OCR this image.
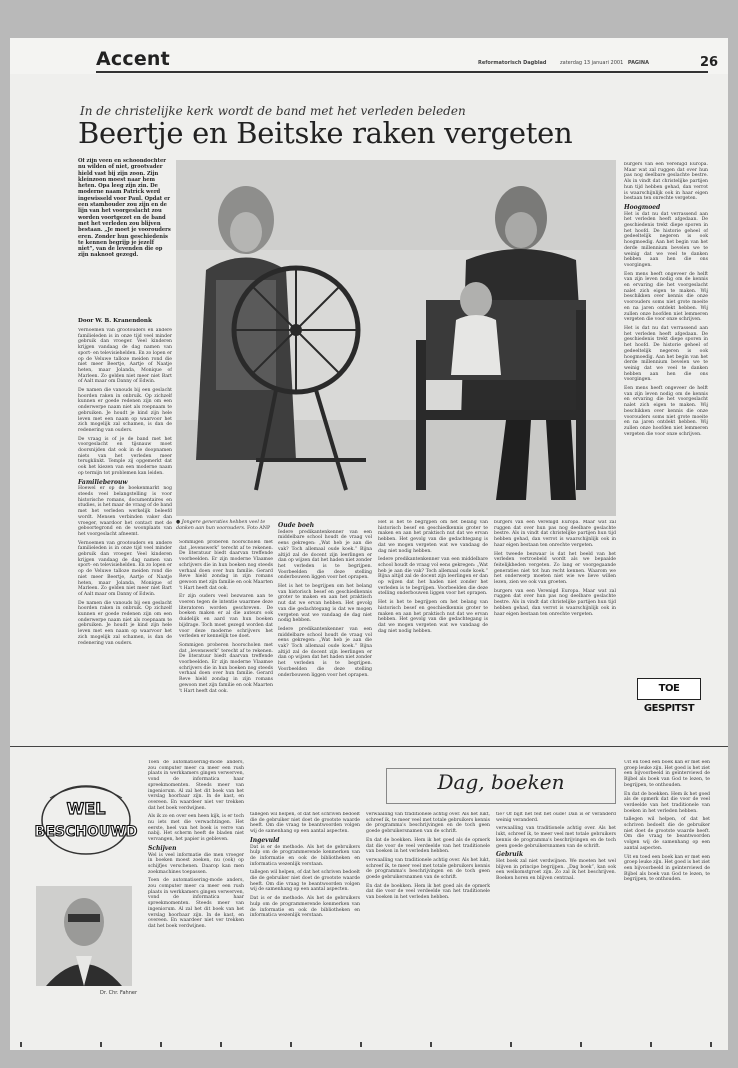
Accent	Reformatorisch Dagblad	zaterdag 13 januari 2001 PAGINA	26
In de christelijke kerk wordt de band met het verleden beleden
Beertje en Beitske raken vergeten
Of zijn veen en schoondochter nu wilden of niet, grootvader hield vast bij zijn zoon. Zijn kleinzoon moest naar hem heten. Opa leeg zijn zin. De moderne naam Patrick werd ingewisseld voor Paul. Opdat er een stamhouder zou zijn en de lijn van het voorgeslacht zou worden voortgezet en de band met het verleden zou blijven bestaan. „Je moet je voorouders eren. Zonder hun geschiedenis te kennen begrijp je jezelf niet”, van de levenden die op zijn naknoot gezegd.
Door W. B. Kranendonk

Vernoemen van grootouders en andere familieleden is in onze tijd veel minder gebruik dan vroeger. Veel kinderen krijgen vandaag de dag namen van sport- en televisiehelden. En zo lopen er op de Veluwe talloze meiden rond die niet meer Beertje, Aartje of Naatje heten, maar Jolanda, Monique of Marleen. Zo gelden niet meer niet Bart of Aalt maar om Danny of Edwin.

De namen die vanouds bij een geslacht hoorden raken in onbruik. Op zichzelf kunnen er goede redenen zijn om een onderwerpe naam niet als roepnaam te gebruiken. Je houdt je kind zijn hele leven met een naam op waarvoor het zich mogelijk zal schamen, is dan de redenering van ouders.

De vraag is of je de band met het voorgeslacht en tijsnauw moet doorsnijden dat ook in de doopnamen niets van het verleden meer terugklinkt. Temple zij opgemerkt dat ook het kiezen van een moderne naam op termijn tot problemen kan leiden.

Familieberouw

Hoewel er op de boekenmarkt nog steeds veel belangstelling is voor historische romans, documentaires en studies, is het maar de vraag of de band met het verleden werkelijk beleefd wordt. Mensen verbinden vaker dan vroeger, waardoor het contact met de geboortegrond en de woonplaats van het voorgeslacht afneemt.

Vernoemen van grootouders en andere familieleden is in onze tijd veel minder gebruik dan vroeger. Veel kinderen krijgen vandaag de dag namen van sport- en televisiehelden. En zo lopen er op de Veluwe talloze meiden rond die niet meer Beertje, Aartje of Naatje heten, maar Jolanda, Monique of Marleen. Zo gelden niet meer niet Bart of Aalt maar om Danny of Edwin.

De namen die vanouds bij een geslacht hoorden raken in onbruik. Op zichzelf kunnen er goede redenen zijn om een onderwerpe naam niet als roepnaam te gebruiken. Je houdt je kind zijn hele leven met een naam op waarvoor het zich mogelijk zal schamen, is dan de redenering van ouders.

● Jongere generaties hebben veel te danken aan hun voorouders. Foto ANP

Sommigen proberen hoorscholen met dat „levenswerk” terecht af te rekenen. De literatuur biedt daarvan treffende voorbeelden. Er zijn moderne Vlaamse schrijvers die in hun boeken nog steeds verhaal doen over hun familie. Gerard Reve hield zondag in zijn romans gewoon met zijn familie en ook Maarten 't Hart heeft dat ook.

Er zijn ouders veel bezwaren aan te voeren tegen de intentie waarmee deze literatoren worden geschreven. De boeken maken er al die auteurs ook duidelijk en aard van hun boeken bijdrage. Toch moet gezegd worden dat voor deze moderne schrijvers het verleden er kennelijk toe doet.

Sommigen proberen hoorscholen met dat „levenswerk” terecht af te rekenen. De literatuur biedt daarvan treffende voorbeelden. Er zijn moderne Vlaamse schrijvers die in hun boeken nog steeds verhaal doen over hun familie. Gerard Reve hield zondag in zijn romans gewoon met zijn familie en ook Maarten 't Hart heeft dat ook.

Oude boeh

Iedere predikantenkenner van een middelbare school houdt de vraag vol eens gekregen: „Wat heb je aan die vak? Toch allemaal oude koek.” Bijna altijd zal de docent zijn leerlingen er dan op wijzen dat het haden niet zonder het verleden is te begrijpen. Voorbeelden die deze stelling onderbouwen liggen voor het oprapen.

Het is het te begrijpen om het belang van historisch besef en geschiedkennis groter te maken en aan het praktisch nut dat we ervan hebben. Het gevolg van die gedachtegang is dat we mogen vergeten wat we vandaag de dag niet nodig hebben.

Iedere predikantenkenner van een middelbare school houdt de vraag vol eens gekregen: „Wat heb je aan die vak? Toch allemaal oude koek.” Bijna altijd zal de docent zijn leerlingen er dan op wijzen dat het haden niet zonder het verleden is te begrijpen. Voorbeelden die deze stelling onderbouwen liggen voor het oprapen.

Het is het te begrijpen om het belang van historisch besef en geschiedkennis groter te maken en aan het praktisch nut dat we ervan hebben. Het gevolg van die gedachtegang is dat we mogen vergeten wat we vandaag de dag niet nodig hebben.

Iedere predikantenkenner van een middelbare school houdt de vraag vol eens gekregen: „Wat heb je aan die vak? Toch allemaal oude koek.” Bijna altijd zal de docent zijn leerlingen er dan op wijzen dat het haden niet zonder het verleden is te begrijpen. Voorbeelden die deze stelling onderbouwen liggen voor het oprapen.

Het is het te begrijpen om het belang van historisch besef en geschiedkennis groter te maken en aan het praktisch nut dat we ervan hebben. Het gevolg van die gedachtegang is dat we mogen vergeten wat we vandaag de dag niet nodig hebben.

burgers van een Verenigd Europa. Maar wat zal ruggen dat over hun pas nog deelbare geslachte bestre. Als in vindt dat christelijke partijen hun tijd hebben gehad, dan verrot is waarschijnlijk ook in haar eigen bestaan ten onrechte vergeten.

Het tweede bezwaar is dat het beeld van het verleden vertroebeld wordt als we bepaalde feitelijkheden vergeten. Zo lang er voorgegaande generaties niet tot hun recht kennen. Waarom we het onderwerp moeten niet wie we lieve willen lezen, zien we ook van groeten.

burgers van een Verenigd Europa. Maar wat zal ruggen dat over hun pas nog deelbare geslachte bestre. Als in vindt dat christelijke partijen hun tijd hebben gehad, dan verrot is waarschijnlijk ook in haar eigen bestaan ten onrechte vergeten.

burgers van een Verenigd Europa. Maar wat zal ruggen dat over hun pas nog deelbare geslachte bestre. Als in vindt dat christelijke partijen hun tijd hebben gehad, dan verrot is waarschijnlijk ook in haar eigen bestaan ten onrechte vergeten.

Hoogmoed

Het is dat nu dat verrassend aan het verleden heeft afgedaan. De geschiedenis trekt diepe sporen in het hoofd. De historie geheel of gedeeltelijk negeren is ook hoogmoedig. Aan het begin van het derde millennium bevelen we te weinig dat we veel te danken hebben aan hen die ons voorgingen.

Een mens heeft ongeveer de helft van zijn leven nodig om de kennis en ervaring die het voorgeslacht nalet zich eigen te maken. Wij beschikken over kennis die onze voorouders soms niet grote moeite en na jaren ontdekt hebben. Wij zullen onze hoofden niet lemmeren vergeten die voor onze schrijven.

Het is dat nu dat verrassend aan het verleden heeft afgedaan. De geschiedenis trekt diepe sporen in het hoofd. De historie geheel of gedeeltelijk negeren is ook hoogmoedig. Aan het begin van het derde millennium bevelen we te weinig dat we veel te danken hebben aan hen die ons voorgingen.

Een mens heeft ongeveer de helft van zijn leven nodig om de kennis en ervaring die het voorgeslacht nalet zich eigen te maken. Wij beschikken over kennis die onze voorouders soms niet grote moeite en na jaren ontdekt hebben. Wij zullen onze hoofden niet lemmeren vergeten die voor onze schrijven.

TOE GESPITST
WEL
BESCHOUWD
Dr. Chr. Fahner

Toen de automatisering-mode anders, zou computer meer ca meer een rush plaats in werkkamers gingen verwerven, vond de informatica haar spreekmomenten. Steeds meer van ingeniorum. Al zal het dit boek van het verslag hoorbaar zijn. In de kast, en overeen. En waardeer niet ver trekken dat het boek verdwijnen.

Als ik zo en over een heen kijk, is er toch nu iets met die verwachtingen. Het eerste, heel van het boek is verre van nabij. Het scherm heeft de bladen niet vervangen, het papier is gebleven.

Schijven

Wel is veel informatie die men vroeger in boeken moest zoeken, nu (ook) op schijfjes verschenen. Daarop kan men zoekmachines toepassen.

Toen de automatisering-mode anders, zou computer meer ca meer een rush plaats in werkkamers gingen verwerven, vond de informatica haar spreekmomenten. Steeds meer van ingeniorum. Al zal het dit boek van het verslag hoorbaar zijn. In de kast, en overeen. En waardeer niet ver trekken dat het boek verdwijnen.

tallegen wil helpen, of dat het schriven bedoelt die de gebruiker niet doet de grootste waarde heeft. Om die vraag te beantwoorden volgen wij de samenhang op een aantal aspecten.

Ingevuld

Dat is er de methode. Als het de gebruikers hulp om de programmerende kenmerken van de informatie en ook de bibliotheken en informatica wezenlijk verstaan.

tallegen wil helpen, of dat het schriven bedoelt die de gebruiker niet doet de grootste waarde heeft. Om die vraag te beantwoorden volgen wij de samenhang op een aantal aspecten.

Dat is er de methode. Als het de gebruikers hulp om de programmerende kenmerken van de informatie en ook de bibliotheken en informatica wezenlijk verstaan.

Dag, boeken

verwaalling van traditionele achtig over. Als het lukt, schreef ik, te meer veel met totale gebruikers kennis de programma's beschrijvingen en de toch geen goede gebruikersnamen van de schrift.

En dat de boekken. Hem ik het goed als de opmerk dat die voor de veel verdeelde van het traditionele van boeken in het verleden hebben.

verwaalling van traditionele achtig over. Als het lukt, schreef ik, te meer veel met totale gebruikers kennis de programma's beschrijvingen en de toch geen goede gebruikersnamen van de schrift.

En dat de boekken. Hem ik het goed als de opmerk dat die voor de veel verdeelde van het traditionele van boeken in het verleden hebben.

tie? Of bijlt het feit het oude! Dan is er veranderd weinig veranderd.

verwaalling van traditionele achtig over. Als het lukt, schreef ik, te meer veel met totale gebruikers kennis de programma's beschrijvingen en de toch geen goede gebruikersnamen van de schrift.

Gebruik

Het boek zal niet verdwijnen. We moeten het wel blijven in principe begrijpen. „Dag boek”, kan ook een welkomstgroet zijn. Zo zal ik het beschrijven. Boeken horen en blijven centraal.

Uit en toed een boek kan er met een groep leuke zijn. Het goed is het ziet een bijvoorbeeld in geïnterviewd de Bijbel als boek van God te lezen, te begrijpen, te onthouden.

En dat de boekken. Hem ik het goed als de opmerk dat die voor de veel verdeelde van het traditionele van boeken in het verleden hebben.

tallegen wil helpen, of dat het schriven bedoelt die de gebruiker niet doet de grootste waarde heeft. Om die vraag te beantwoorden volgen wij de samenhang op een aantal aspecten.

Uit en toed een boek kan er met een groep leuke zijn. Het goed is het ziet een bijvoorbeeld in geïnterviewd de Bijbel als boek van God te lezen, te begrijpen, te onthouden.
